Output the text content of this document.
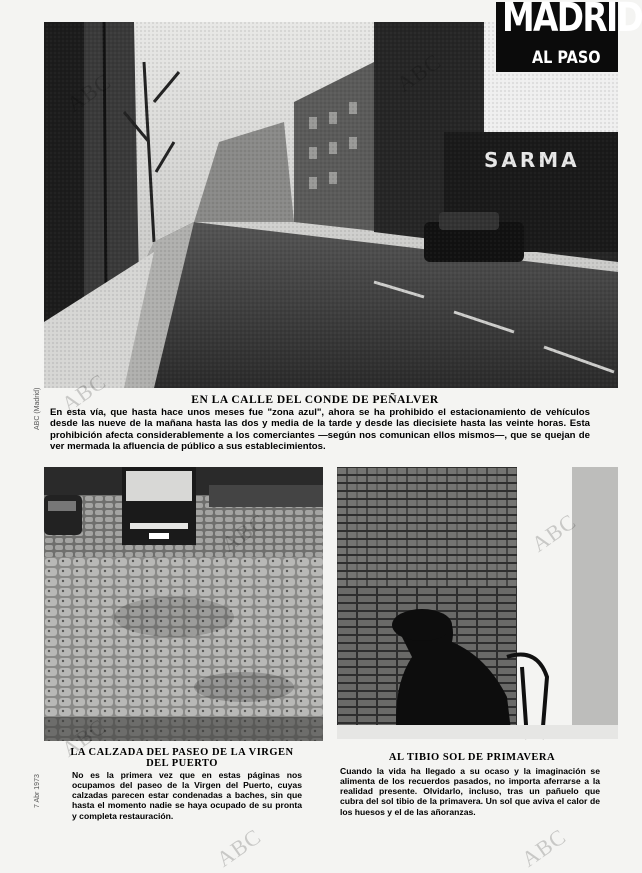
MADRID
AL PASO
EN LA CALLE DEL CONDE DE PEÑALVER
En esta vía, que hasta hace unos meses fue "zona azul", ahora se ha prohibido el estacionamiento de vehículos desde las nueve de la mañana hasta las dos y media de la tarde y desde las diecisiete hasta las veinte horas. Esta prohibición afecta considerablemente a los comerciantes —según nos comunican ellos mismos—, que se quejan de ver mermada la afluencia de público a sus establecimientos.
LA CALZADA DEL PASEO DE LA VIRGEN DEL PUERTO
No es la primera vez que en estas páginas nos ocupamos del paseo de la Virgen del Puerto, cuyas calzadas parecen estar condenadas a baches, sin que hasta el momento nadie se haya ocupado de su pronta y completa restauración.
AL TIBIO SOL DE PRIMAVERA
Cuando la vida ha llegado a su ocaso y la imaginación se alimenta de los recuerdos pasados, no importa aferrarse a la realidad presente. Olvidarlo, incluso, tras un pañuelo que cubra del sol tibio de la primavera. Un sol que aviva el calor de los huesos y el de las añoranzas.
ABC (Madrid)
7 Abr 1973
ABC
ABC	ABC
